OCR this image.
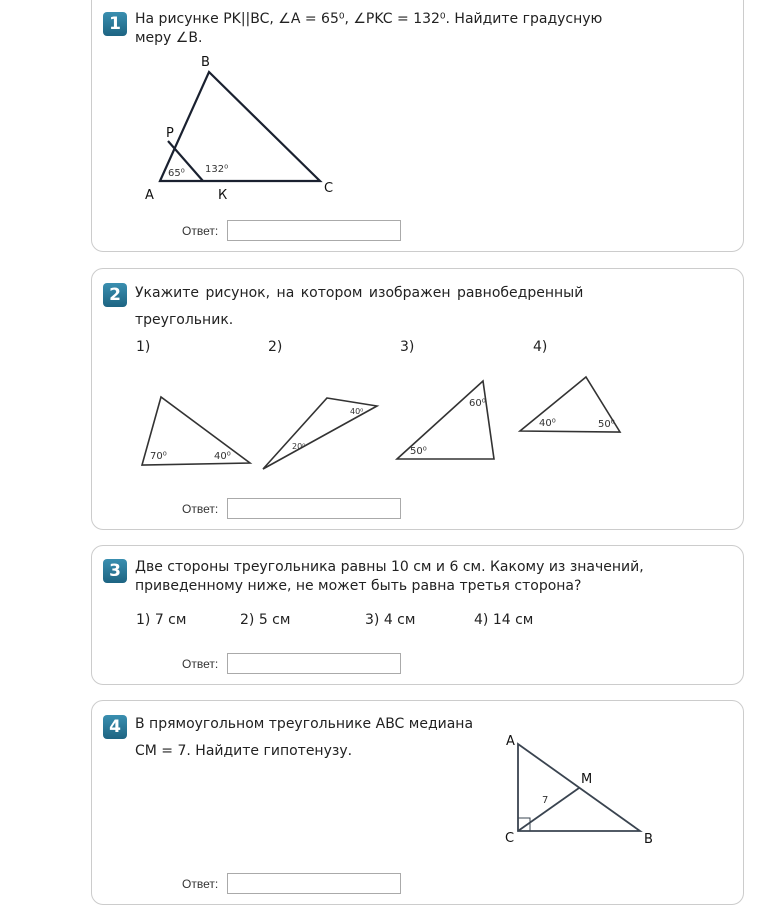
1	На рисунке PK||BC, ∠A = 65⁰, ∠PKC = 132⁰. Найдите градусную
меру ∠B.
B
P
A	К	C
65⁰ 132⁰
Ответ:
2	Укажите рисунок, на котором изображен равнобедренный
треугольник.
1)	2)	3)	4)
70⁰	40⁰
20⁰
40⁰
60⁰
50⁰
40⁰	50⁰
Ответ:
3	Две стороны треугольника равны 10 см и 6 см. Какому из значений,
приведенному ниже, не может быть равна третья сторона?
1) 7 см	2) 5 см	3) 4 см	4) 14 см
Ответ:
4	В прямоугольном треугольнике ABC медиана
CM = 7. Найдите гипотенузу.
A
M
C	B
7
Ответ:
